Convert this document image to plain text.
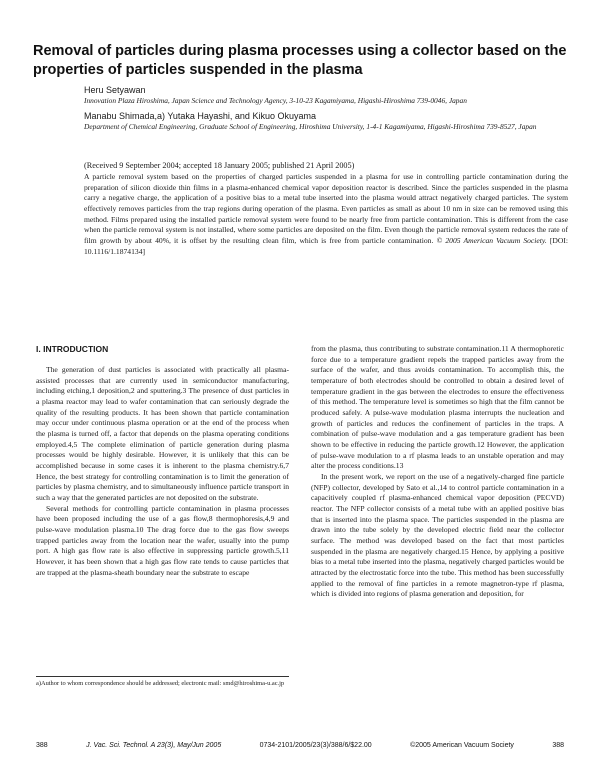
Removal of particles during plasma processes using a collector based on the properties of particles suspended in the plasma

Heru Setyawan

Innovation Plaza Hiroshima, Japan Science and Technology Agency, 3-10-23 Kagamiyama, Higashi-Hiroshima 739-0046, Japan

Manabu Shimada,a) Yutaka Hayashi, and Kikuo Okuyama

Department of Chemical Engineering, Graduate School of Engineering, Hiroshima University, 1-4-1 Kagamiyama, Higashi-Hiroshima 739-8527, Japan

(Received 9 September 2004; accepted 18 January 2005; published 21 April 2005)
A particle removal system based on the properties of charged particles suspended in a plasma for use in controlling particle contamination during the preparation of silicon dioxide thin films in a plasma-enhanced chemical vapor deposition reactor is described. Since the particles suspended in the plasma carry a negative charge, the application of a positive bias to a metal tube inserted into the plasma would attract negatively charged particles. The system effectively removes particles from the trap regions during operation of the plasma. Even particles as small as about 10 nm in size can be removed using this method. Films prepared using the installed particle removal system were found to be nearly free from particle contamination. This is different from the case when the particle removal system is not installed, where some particles are deposited on the film. Even though the particle removal system reduces the rate of film growth by about 40%, it is offset by the resulting clean film, which is free from particle contamination. © 2005 American Vacuum Society. [DOI: 10.1116/1.1874134]

I. INTRODUCTION

The generation of dust particles is associated with practically all plasma-assisted processes that are currently used in semiconductor manufacturing, including etching,1 deposition,2 and sputtering.3 The presence of dust particles in a plasma reactor may lead to wafer contamination that can seriously degrade the quality of the resulting products. It has been shown that particle contamination may occur under continuous plasma operation or at the end of the process when the plasma is turned off, a factor that depends on the plasma operating conditions employed.4,5 The complete elimination of particle generation during plasma processes would be highly desirable. However, it is unlikely that this can be accomplished because in some cases it is inherent to the plasma chemistry.6,7 Hence, the best strategy for controlling contamination is to limit the generation of particles by plasma chemistry, and to simultaneously influence particle transport in such a way that the generated particles are not deposited on the substrate.

Several methods for controlling particle contamination in plasma processes have been proposed including the use of a gas flow,8 thermophoresis,4,9 and pulse-wave modulation plasma.10 The drag force due to the gas flow sweeps trapped particles away from the location near the wafer, usually into the pump port. A high gas flow rate is also effective in suppressing particle growth.5,11 However, it has been shown that a high gas flow rate tends to cause particles that are trapped at the plasma-sheath boundary near the substrate to escape

from the plasma, thus contributing to substrate contamination.11 A thermophoretic force due to a temperature gradient repels the trapped particles away from the surface of the wafer, and thus avoids contamination. To accomplish this, the temperature of both electrodes should be controlled to obtain a desired level of temperature gradient in the gas between the electrodes to ensure the effectiveness of this method. The temperature level is sometimes so high that the film cannot be produced safely. A pulse-wave modulation plasma interrupts the nucleation and growth of particles and reduces the confinement of particles in the traps. A combination of pulse-wave modulation and a gas temperature gradient has been shown to be effective in reducing the particle growth.12 However, the application of pulse-wave modulation to a rf plasma leads to an unstable operation and may alter the process conditions.13

In the present work, we report on the use of a negatively-charged fine particle (NFP) collector, developed by Sato et al.,14 to control particle contamination in a capacitively coupled rf plasma-enhanced chemical vapor deposition (PECVD) reactor. The NFP collector consists of a metal tube with an applied positive bias that is inserted into the plasma space. The particles suspended in the plasma are drawn into the tube solely by the developed electric field near the collector surface. The method was developed based on the fact that most particles suspended in the plasma are negatively charged.15 Hence, by applying a positive bias to a metal tube inserted into the plasma, negatively charged particles would be attracted by the electrostatic force into the tube. This method has been successfully applied to the removal of fine particles in a remote magnetron-type rf plasma, which is divided into regions of plasma generation and deposition, for

a)Author to whom correspondence should be addressed; electronic mail: smd@hiroshima-u.ac.jp
388	J. Vac. Sci. Technol. A 23(3), May/Jun 2005	0734-2101/2005/23(3)/388/6/$22.00	©2005 American Vacuum Society	388
